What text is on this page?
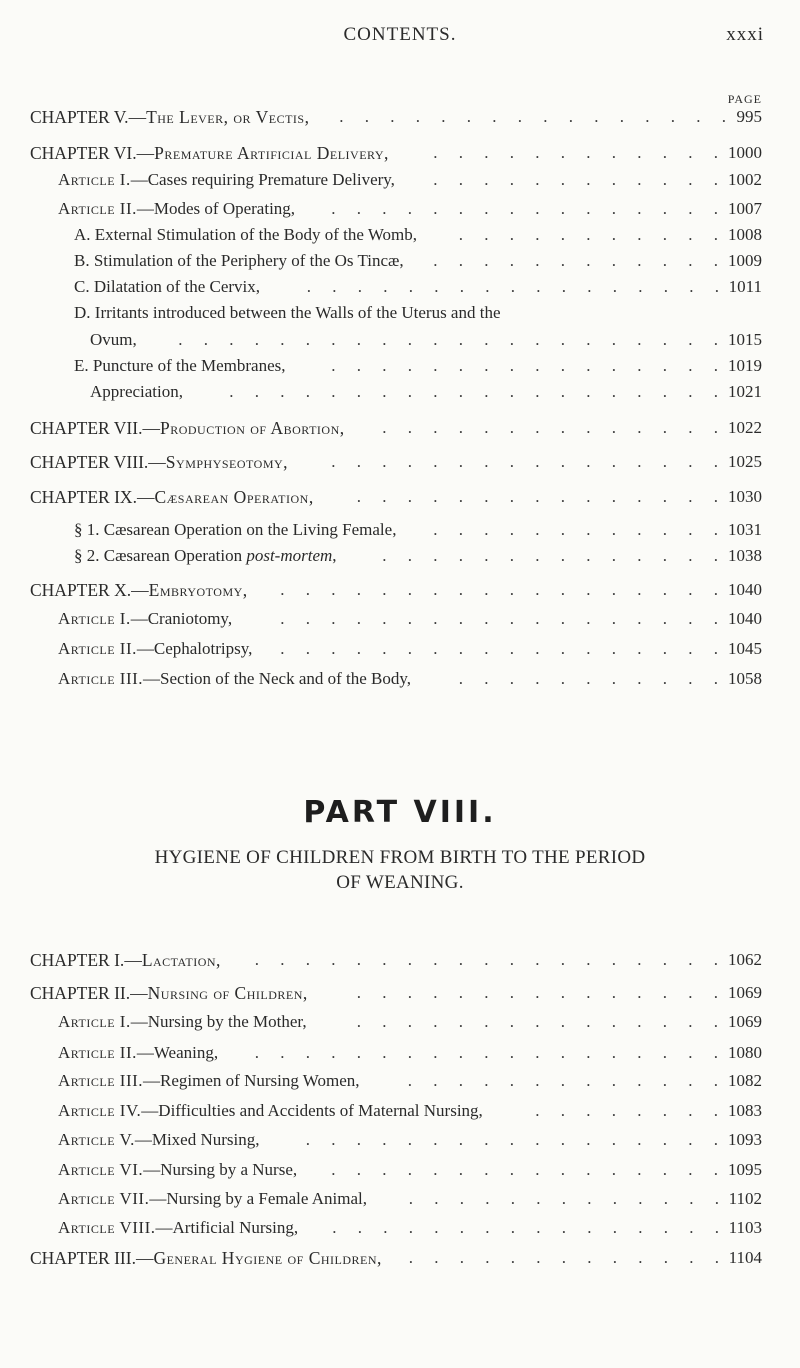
CONTENTS.	xxxi
PAGE
CHAPTER V.—The Lever, or Vectis,	995
. . . . . . . . . . . . . . . .
CHAPTER VI.—Premature Artificial Delivery,	1000
. . . . . . . . . . . .
Article I.—Cases requiring Premature Delivery,	1002
. . . . . . . . . . . .
Article II.—Modes of Operating,	1007
. . . . . . . . . . . . . . . .
A. External Stimulation of the Body of the Womb,	1008
. . . . . . . . . . .
B. Stimulation of the Periphery of the Os Tincæ,	1009
. . . . . . . . . . . .
C. Dilatation of the Cervix,	1011
. . . . . . . . . . . . . . . . .
D. Irritants introduced between the Walls of the Uterus and the
Ovum,	1015
. . . . . . . . . . . . . . . . . . . . . .
E. Puncture of the Membranes,	1019
. . . . . . . . . . . . . . . .
Appreciation,	1021
. . . . . . . . . . . . . . . . . . . .
CHAPTER VII.—Production of Abortion,	1022
. . . . . . . . . . . . . .
CHAPTER VIII.—Symphyseotomy,	1025
. . . . . . . . . . . . . . . .
CHAPTER IX.—Cæsarean Operation,	1030
. . . . . . . . . . . . . . .
§ 1. Cæsarean Operation on the Living Female,	1031
. . . . . . . . . . . .
§ 2. Cæsarean Operation post-mortem,	1038
. . . . . . . . . . . . . .
CHAPTER X.—Embryotomy,	1040
. . . . . . . . . . . . . . . . . .
Article I.—Craniotomy,	1040
. . . . . . . . . . . . . . . . . .
Article II.—Cephalotripsy,	1045
. . . . . . . . . . . . . . . . . .
Article III.—Section of the Neck and of the Body,	1058
. . . . . . . . . . .
PART VIII.
HYGIENE OF CHILDREN FROM BIRTH TO THE PERIOD
OF WEANING.
CHAPTER I.—Lactation,	1062
. . . . . . . . . . . . . . . . . . .
CHAPTER II.—Nursing of Children,	1069
. . . . . . . . . . . . . . .
Article I.—Nursing by the Mother,	1069
. . . . . . . . . . . . . . .
Article II.—Weaning,	1080
. . . . . . . . . . . . . . . . . . .
Article III.—Regimen of Nursing Women,	1082
. . . . . . . . . . . . .
Article IV.—Difficulties and Accidents of Maternal Nursing,	1083
. . . . . . . .
Article V.—Mixed Nursing,	1093
. . . . . . . . . . . . . . . . .
Article VI.—Nursing by a Nurse,	1095
. . . . . . . . . . . . . . . .
Article VII.—Nursing by a Female Animal,	1102
. . . . . . . . . . . . .
Article VIII.—Artificial Nursing,	1103
. . . . . . . . . . . . . . . .
CHAPTER III.—General Hygiene of Children,	1104
. . . . . . . . . . . . .
